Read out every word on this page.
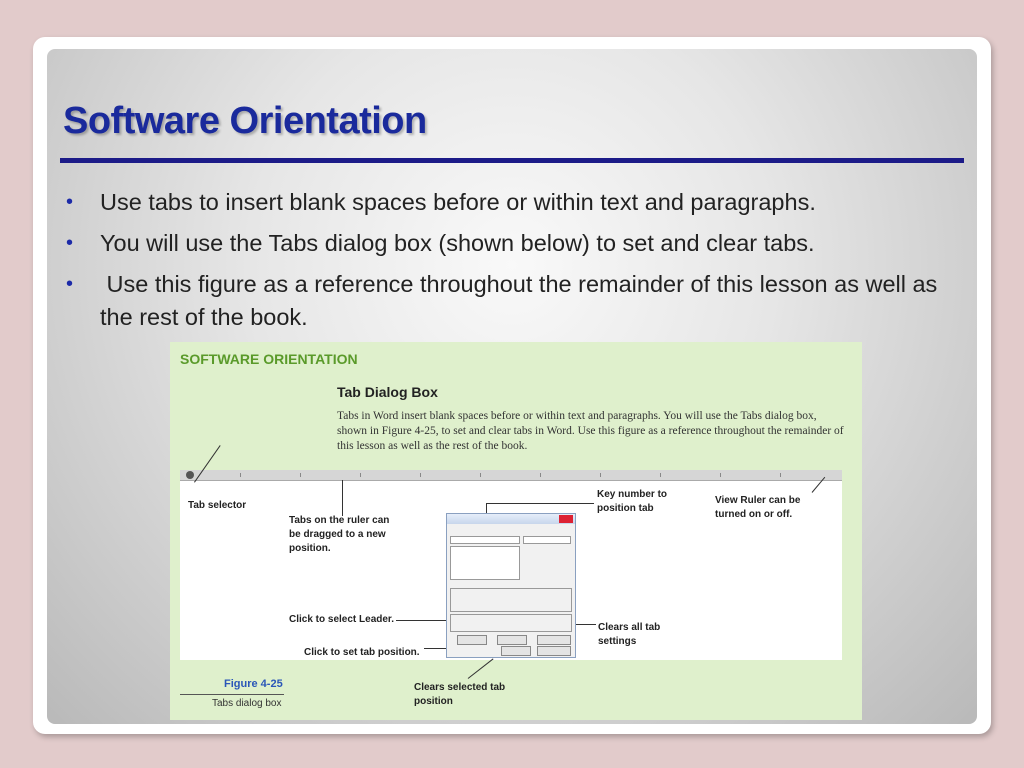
Software Orientation
• Use tabs to insert blank spaces before or within text and paragraphs.
• You will use the Tabs dialog box (shown below) to set and clear tabs.
• Use this figure as a reference throughout the remainder of this lesson as well as the rest of the book.
SOFTWARE ORIENTATION
Tab Dialog Box
Tabs in Word insert blank spaces before or within text and paragraphs. You will use the Tabs dialog box, shown in Figure 4-25, to set and clear tabs in Word. Use this figure as a reference throughout the remainder of this lesson as well as the rest of the book.
Tab selector
Tabs on the ruler can be dragged to a new position.
Key number to position tab
View Ruler can be turned on or off.
Click to select Leader.
Clears all tab settings
Click to set tab position.
Clears selected tab position
Figure 4-25
Tabs dialog box
